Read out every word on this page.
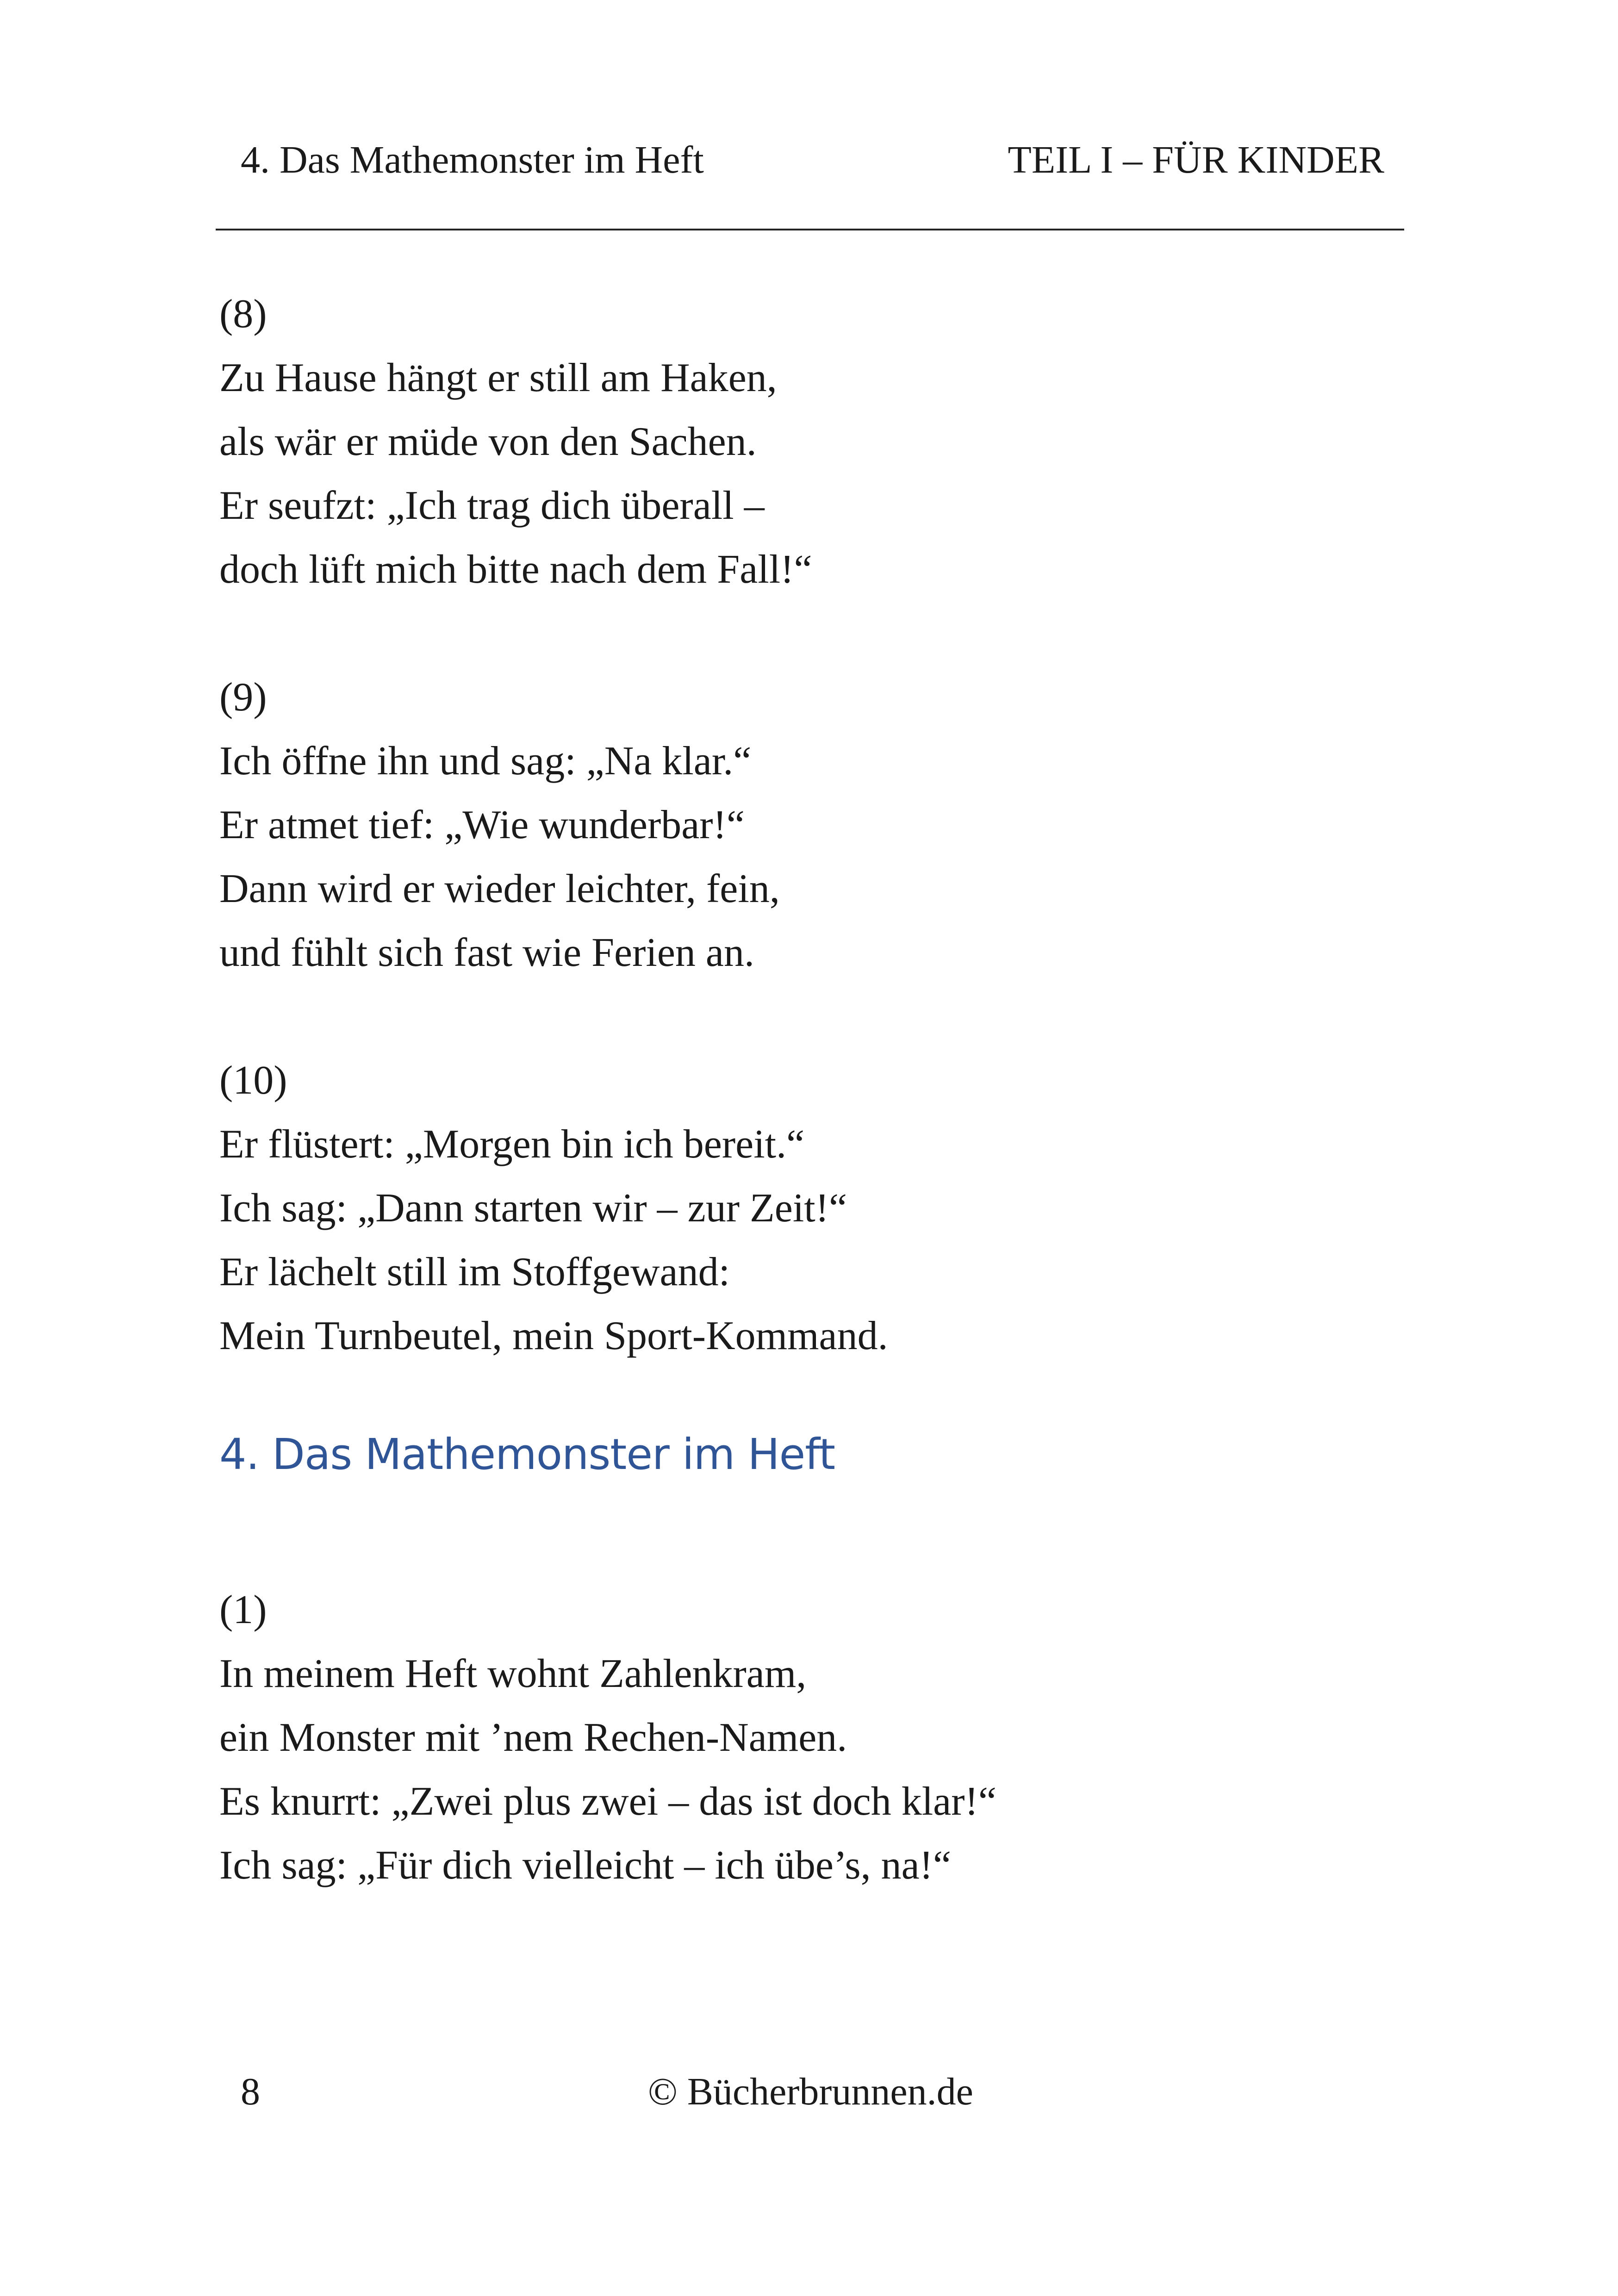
4. Das Mathemonster im Heft	TEIL I – FÜR KINDER
(8)
Zu Hause hängt er still am Haken,
als wär er müde von den Sachen.
Er seufzt: „Ich trag dich überall –
doch lüft mich bitte nach dem Fall!“
(9)
Ich öffne ihn und sag: „Na klar.“
Er atmet tief: „Wie wunderbar!“
Dann wird er wieder leichter, fein,
und fühlt sich fast wie Ferien an.
(10)
Er flüstert: „Morgen bin ich bereit.“
Ich sag: „Dann starten wir – zur Zeit!“
Er lächelt still im Stoffgewand:
Mein Turnbeutel, mein Sport-Kommand.
4. Das Mathemonster im Heft
(1)
In meinem Heft wohnt Zahlenkram,
ein Monster mit ’nem Rechen-Namen.
Es knurrt: „Zwei plus zwei – das ist doch klar!“
Ich sag: „Für dich vielleicht – ich übe’s, na!“
8	© Bücherbrunnen.de
